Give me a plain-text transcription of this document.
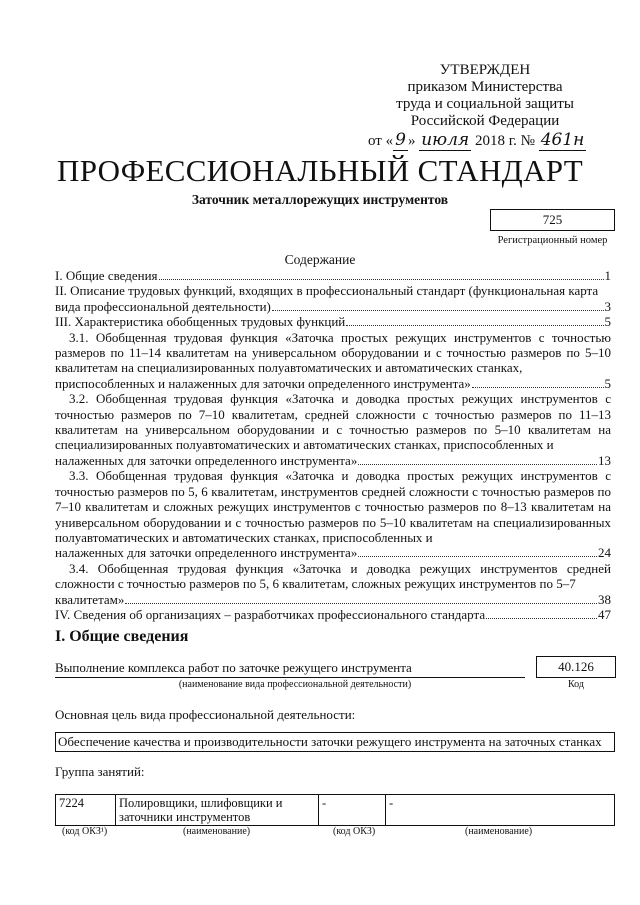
УТВЕРЖДЕН
приказом Министерства
труда и социальной защиты
Российской Федерации
от « 9 » июля 2018 г. № 461н
ПРОФЕССИОНАЛЬНЫЙ СТАНДАРТ
Заточник металлорежущих инструментов
725
Регистрационный номер
Содержание
I. Общие сведения	1
II. Описание трудовых функций, входящих в профессиональный стандарт (функциональная карта
вида профессиональной деятельности)	3
III. Характеристика обобщенных трудовых функций	5
3.1. Обобщенная трудовая функция «Заточка простых режущих инструментов с точностью размеров по 11–14 квалитетам на универсальном оборудовании и с точностью размеров по 5–10 квалитетам на специализированных полуавтоматических и автоматических станках,
приспособленных и налаженных для заточки определенного инструмента»	5
3.2. Обобщенная трудовая функция «Заточка и доводка простых режущих инструментов с точностью размеров по 7–10 квалитетам, средней сложности с точностью размеров по 11–13 квалитетам на универсальном оборудовании и с точностью размеров по 5–10 квалитетам на специализированных полуавтоматических и автоматических станках, приспособленных и
налаженных для заточки определенного инструмента»	13
3.3. Обобщенная трудовая функция «Заточка и доводка простых режущих инструментов с точностью размеров по 5, 6 квалитетам, инструментов средней сложности с точностью размеров по 7–10 квалитетам и сложных режущих инструментов с точностью размеров по 8–13 квалитетам на универсальном оборудовании и с точностью размеров по 5–10 квалитетам на специализированных полуавтоматических и автоматических станках, приспособленных и
налаженных для заточки определенного инструмента»	24
3.4. Обобщенная трудовая функция «Заточка и доводка режущих инструментов средней сложности с точностью размеров по 5, 6 квалитетам, сложных режущих инструментов по 5–7
квалитетам»	38
IV. Сведения об организациях – разработчиках профессионального стандарта	47
I. Общие сведения
Выполнение комплекса работ по заточке режущего инструмента
(наименование вида профессиональной деятельности)
40.126
Код
Основная цель вида профессиональной деятельности:
Обеспечение качества и производительности заточки режущего инструмента на заточных станках
Группа занятий:
7224	Полировщики, шлифовщики и заточники инструментов	-	-
(код ОКЗ¹)	(наименование)	(код ОКЗ)	(наименование)
